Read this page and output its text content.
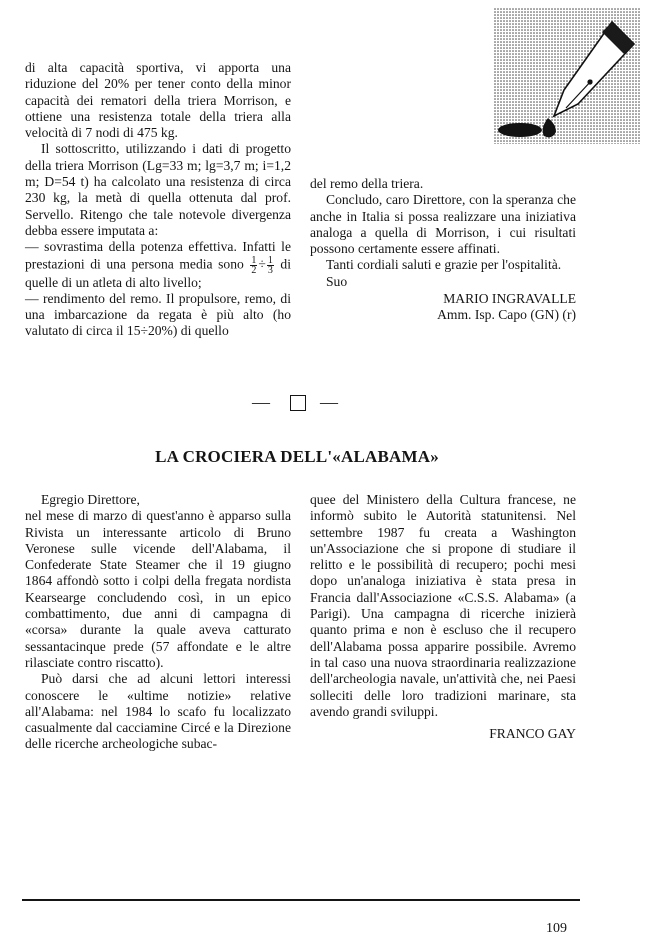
di alta capacità sportiva, vi apporta una riduzione del 20% per tener conto della minor capacità dei rematori della triera Morrison, e ottiene una resistenza totale della triera alla velocità di 7 nodi di 475 kg.

Il sottoscritto, utilizzando i dati di progetto della triera Morrison (Lg=33 m; lg=3,7 m; i=1,2 m; D=54 t) ha calcolato una resistenza di circa 230 kg, la metà di quella ottenuta dal prof. Servello. Ritengo che tale notevole divergenza debba essere imputata a:

— sovrastima della potenza effettiva. Infatti le prestazioni di una persona media sono $\frac{1}{2} \div \frac{1}{3}$ di quelle di un atleta di alto livello;

— rendimento del remo. Il propulsore, remo, di una imbarcazione da regata è più alto (ho valutato di circa il 15÷20%) di quello

del remo della triera.

Concludo, caro Direttore, con la speranza che anche in Italia si possa realizzare una iniziativa analoga a quella di Morrison, i cui risultati possono certamente essere affinati.

Tanti cordiali saluti e grazie per l'ospitalità.

Suo

MARIO INGRAVALLE

Amm. Isp. Capo (GN) (r)

—	—
LA CROCIERA DELL'«ALABAMA»

Egregio Direttore,

nel mese di marzo di quest'anno è apparso sulla Rivista un interessante articolo di Bruno Veronese sulle vicende dell'Alabama, il Confederate State Steamer che il 19 giugno 1864 affondò sotto i colpi della fregata nordista Kearsearge concludendo così, in un epico combattimento, due anni di campagna di «corsa» durante la quale aveva catturato sessantacinque prede (57 affondate e le altre rilasciate contro riscatto).

Può darsi che ad alcuni lettori interessi conoscere le «ultime notizie» relative all'Alabama: nel 1984 lo scafo fu localizzato casualmente dal cacciamine Circé e la Direzione delle ricerche archeologiche subac-

quee del Ministero della Cultura francese, ne informò subito le Autorità statunitensi. Nel settembre 1987 fu creata a Washington un'Associazione che si propone di studiare il relitto e le possibilità di recupero; pochi mesi dopo un'analoga iniziativa è stata presa in Francia dall'Associazione «C.S.S. Alabama» (a Parigi). Una campagna di ricerche inizierà quanto prima e non è escluso che il recupero dell'Alabama possa apparire possibile. Avremo in tal caso una nuova straordinaria realizzazione dell'archeologia navale, un'attività che, nei Paesi solleciti delle loro tradizioni marinare, sta avendo grandi sviluppi.

FRANCO GAY

109
